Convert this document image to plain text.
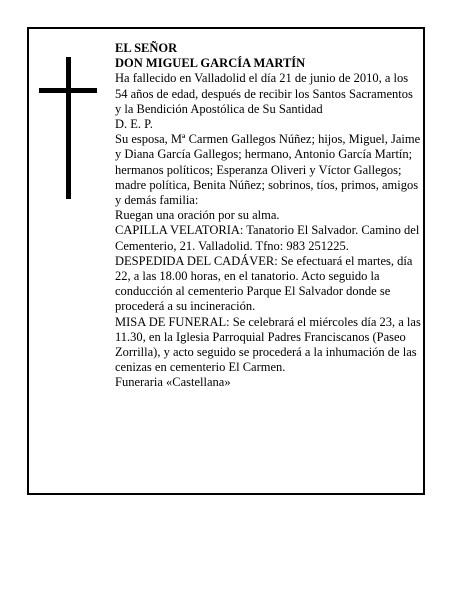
EL SEÑOR

DON MIGUEL GARCÍA MARTÍN

Ha fallecido en Valladolid el día 21 de junio de 2010, a los 54 años de edad, después de recibir los Santos Sacramentos y la Bendición Apostólica de Su Santidad

D. E. P.

Su esposa, Mª Carmen Gallegos Núñez; hijos, Miguel, Jaime y Diana García Gallegos; hermano, Antonio García Martín; hermanos políticos; Esperanza Oliveri y Víctor Gallegos; madre política, Benita Núñez; sobrinos, tíos, primos, amigos y demás familia:

Ruegan una oración por su alma.

CAPILLA VELATORIA: Tanatorio El Salvador. Camino del Cementerio, 21. Valladolid. Tfno: 983 251225.

DESPEDIDA DEL CADÁVER: Se efectuará el martes, día 22, a las 18.00 horas, en el tanatorio. Acto seguido la conducción al cementerio Parque El Salvador donde se procederá a su incineración.

MISA DE FUNERAL: Se celebrará el miércoles día 23, a las 11.30, en la Iglesia Parroquial Padres Franciscanos (Paseo Zorrilla), y acto seguido se procederá a la inhumación de las cenizas en cementerio El Carmen.

Funeraria «Castellana»
